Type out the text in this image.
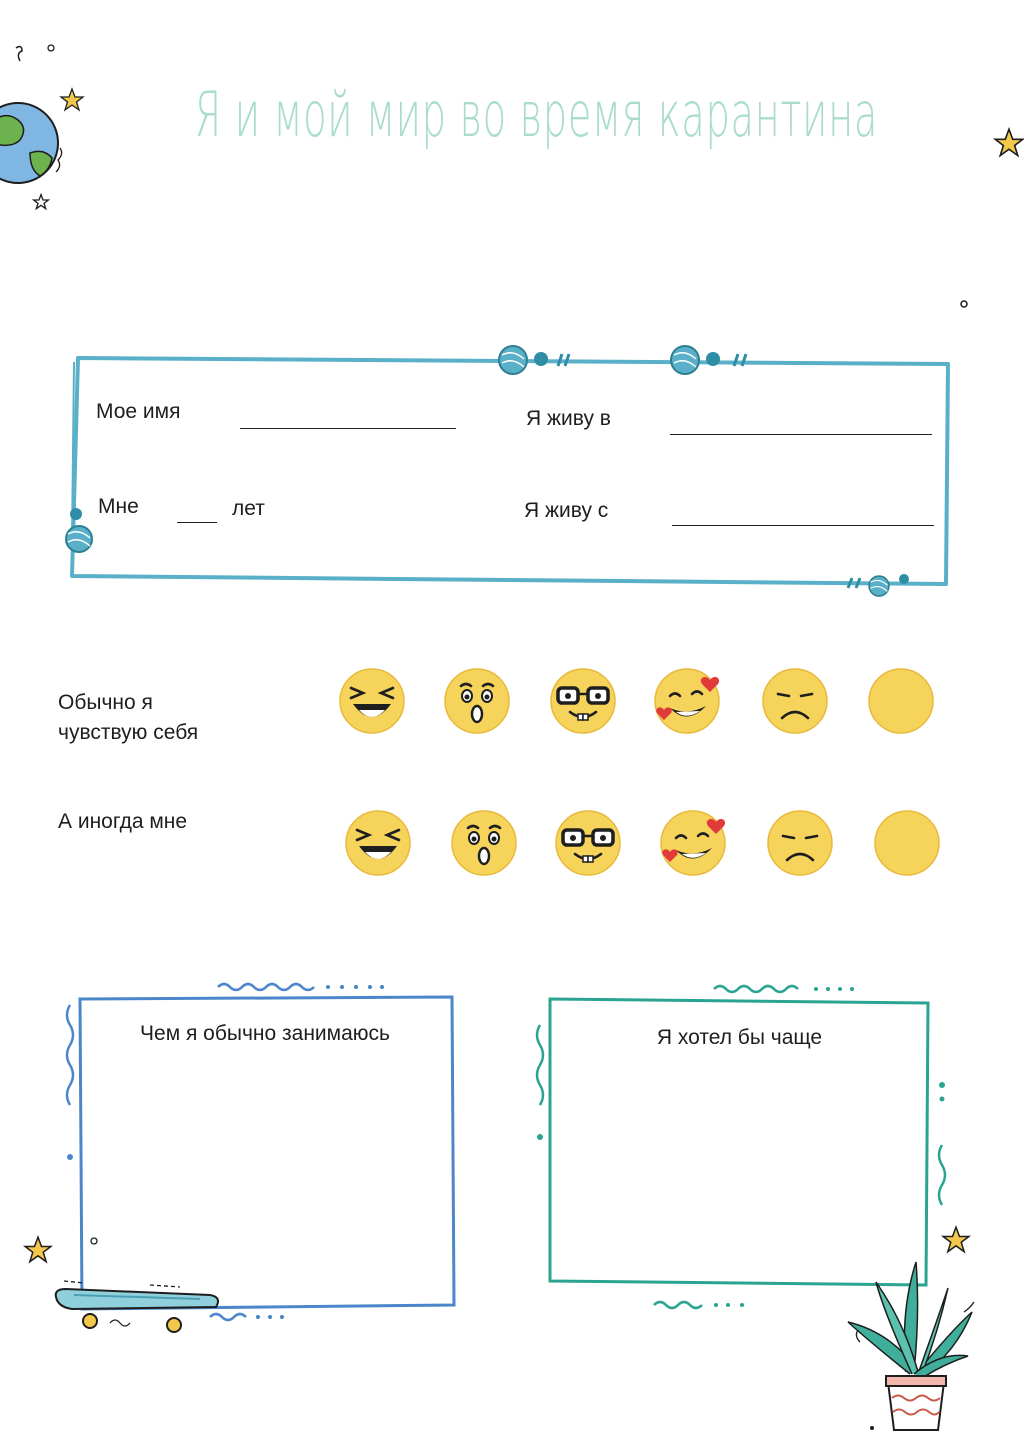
Я и мой мир во время карантина
Мое имя	Я живу в
Мне	лет	Я живу с
Обычно я
чувствую себя
А иногда мне
Чем я обычно занимаюсь	Я хотел бы чаще
